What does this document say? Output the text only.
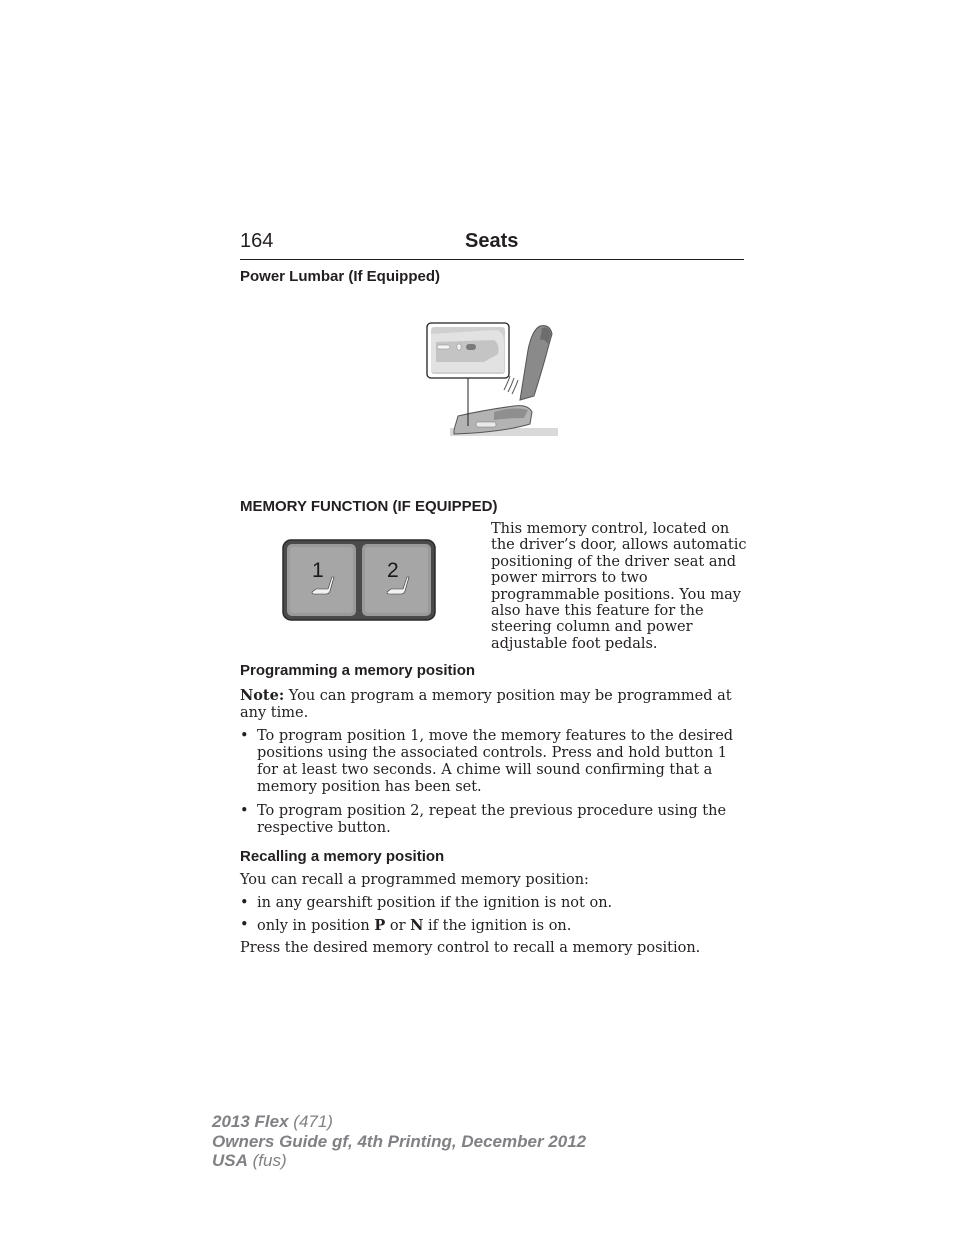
164	Seats
Power Lumbar (If Equipped)
MEMORY FUNCTION (IF EQUIPPED)
1	2
This memory control, located on the driver’s door, allows automatic positioning of the driver seat and power mirrors to two programmable positions. You may also have this feature for the steering column and power adjustable foot pedals.
Programming a memory position
Note: You can program a memory position may be programmed at any time.
• To program position 1, move the memory features to the desired positions using the associated controls. Press and hold button 1 for at least two seconds. A chime will sound confirming that a memory position has been set.
• To program position 2, repeat the previous procedure using the respective button.
Recalling a memory position
You can recall a programmed memory position:
• in any gearshift position if the ignition is not on.
• only in position P or N if the ignition is on.
Press the desired memory control to recall a memory position.
2013 Flex (471)
Owners Guide gf, 4th Printing, December 2012
USA (fus)
